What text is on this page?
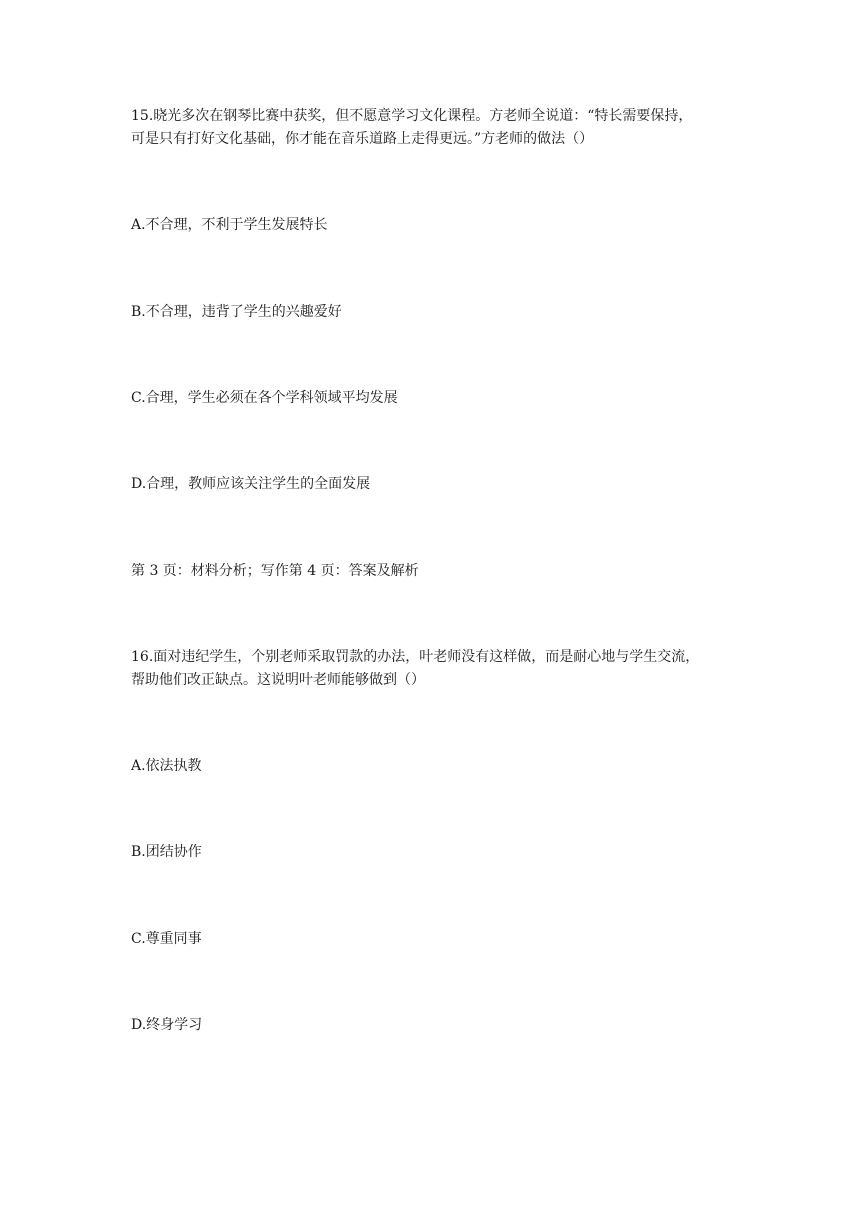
15.晓光多次在钢琴比赛中获奖，但不愿意学习文化课程。方老师全说道：“特长需要保持，

可是只有打好文化基础，你才能在音乐道路上走得更远。”方老师的做法（）

A.不合理，不利于学生发展特长

B.不合理，违背了学生的兴趣爱好

C.合理，学生必须在各个学科领域平均发展

D.合理，教师应该关注学生的全面发展

第 3 页：材料分析；写作第 4 页：答案及解析

16.面对违纪学生，个别老师采取罚款的办法，叶老师没有这样做，而是耐心地与学生交流，

帮助他们改正缺点。这说明叶老师能够做到（）

A.依法执教

B.团结协作

C.尊重同事

D.终身学习
